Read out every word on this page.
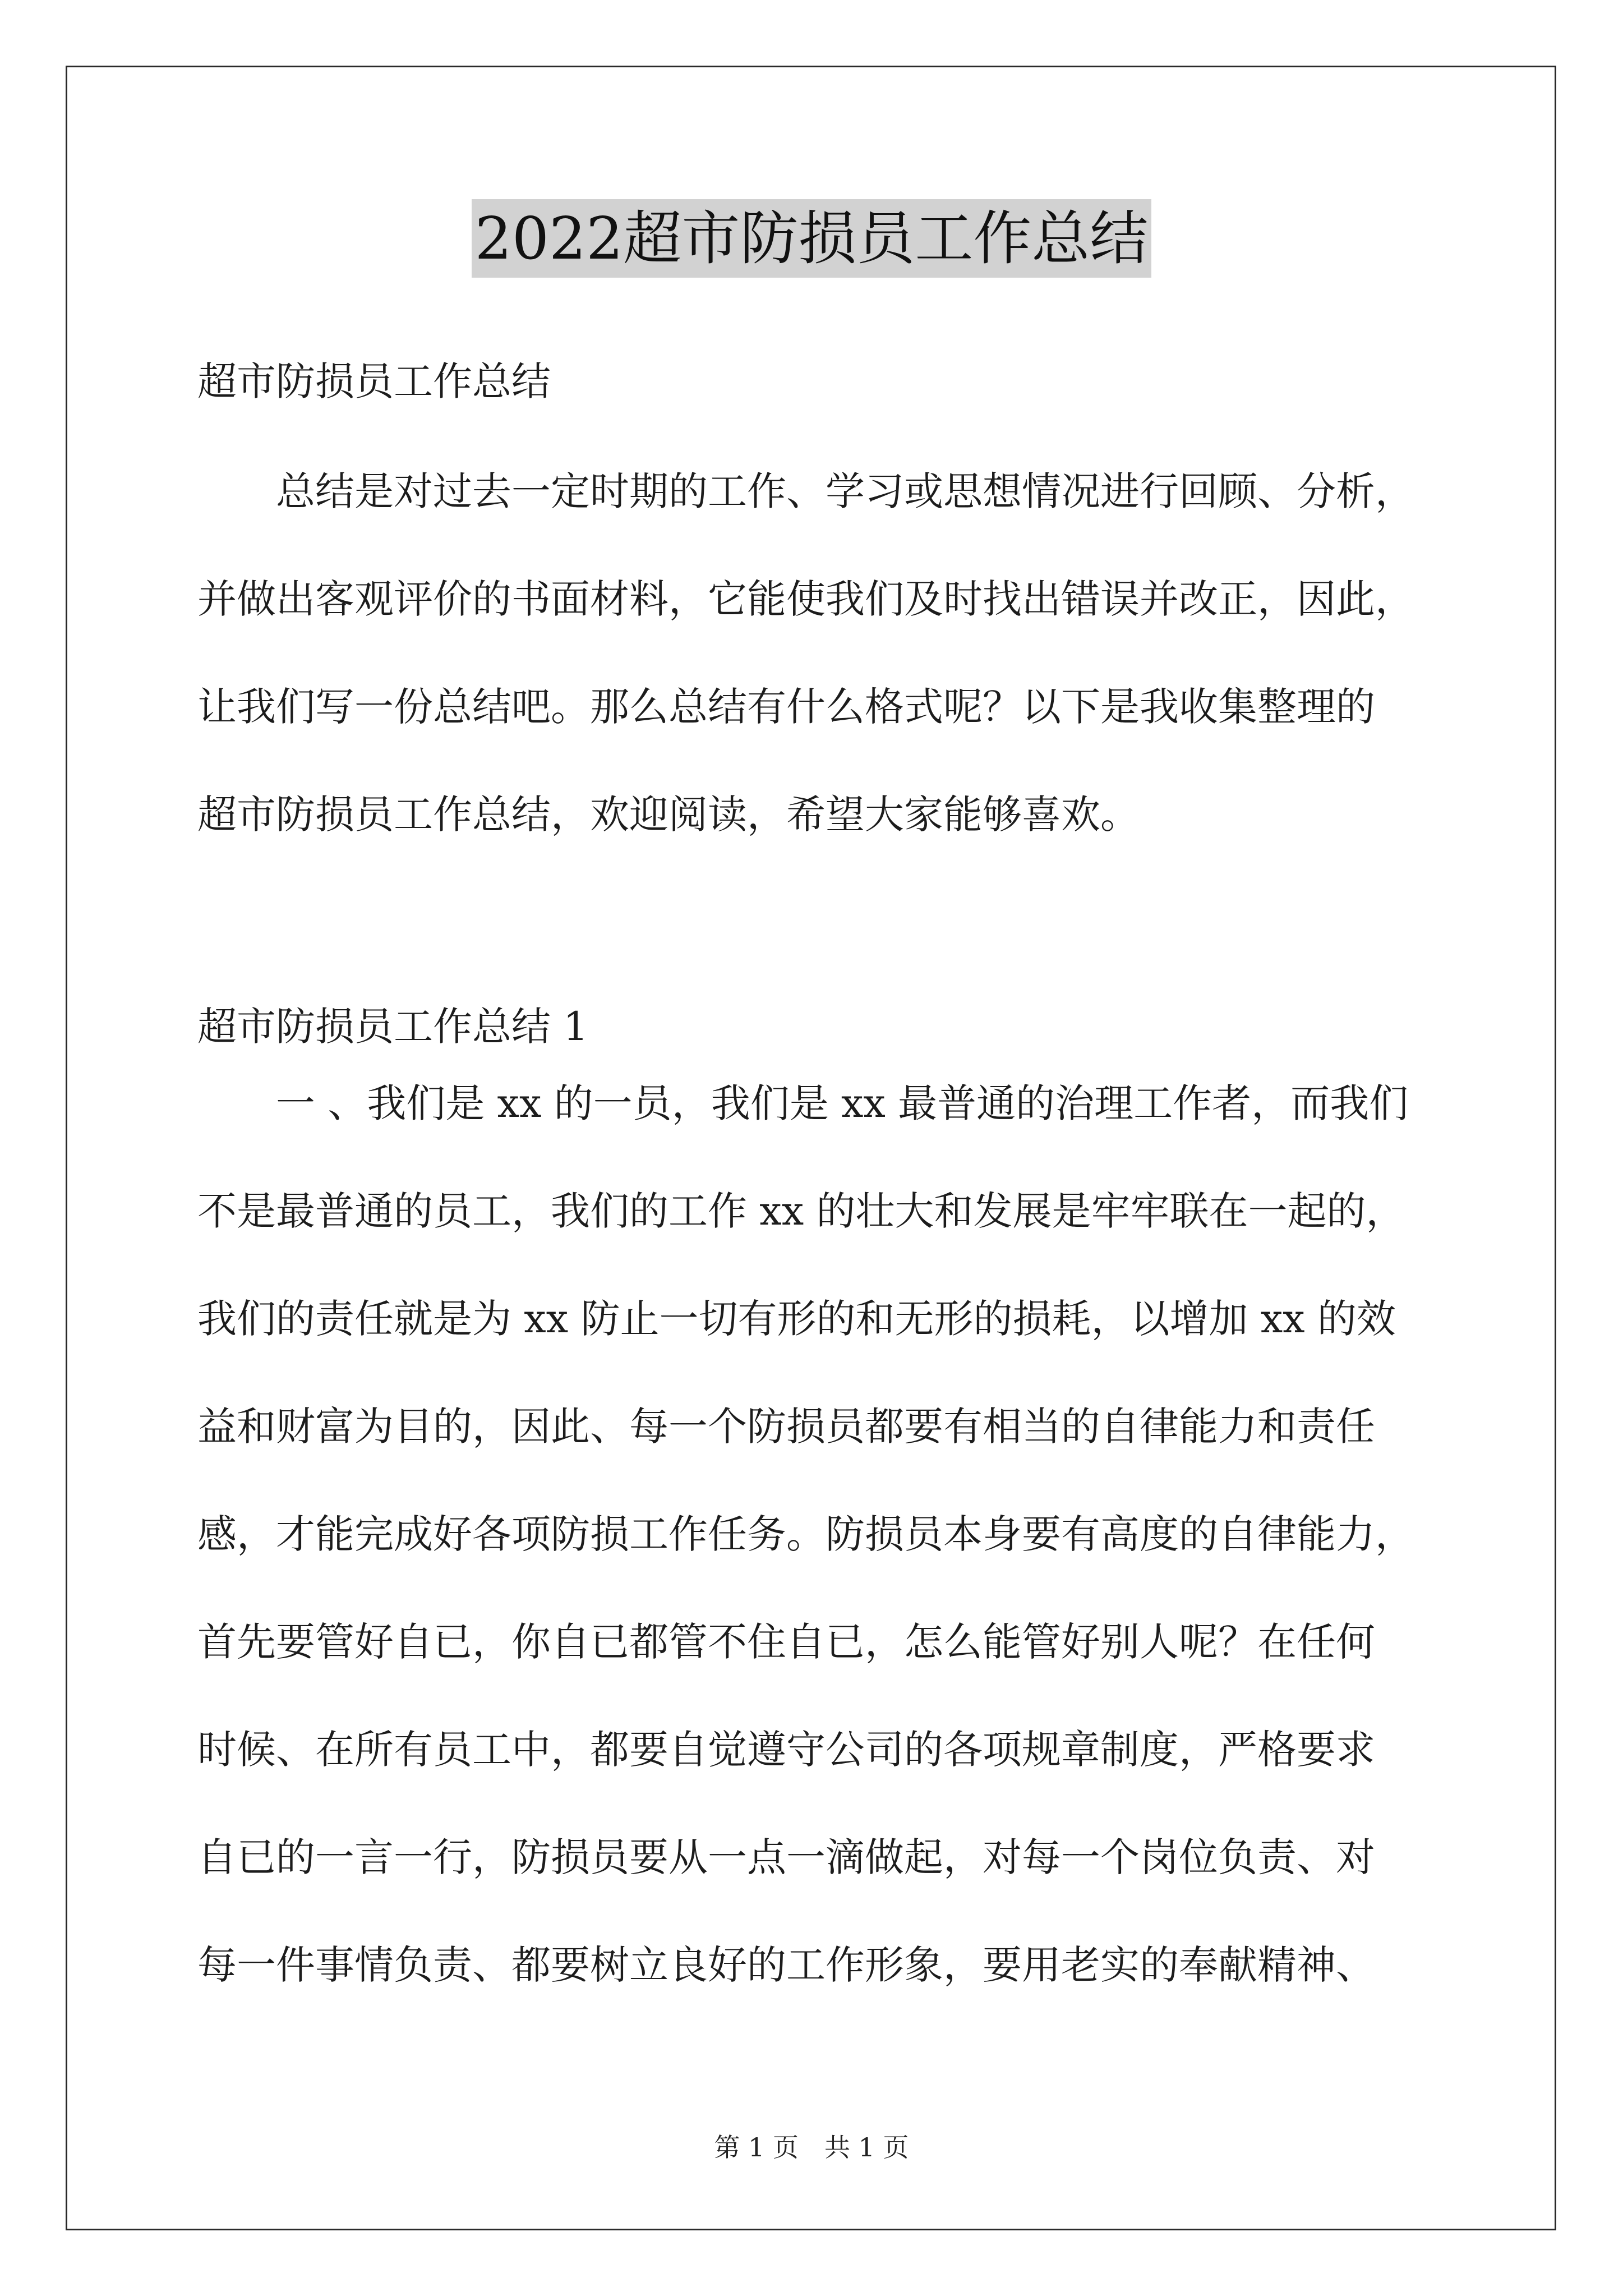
2022超市防损员工作总结
超市防损员工作总结
总结是对过去一定时期的工作、学习或思想情况进行回顾、分析，
并做出客观评价的书面材料，它能使我们及时找出错误并改正，因此，
让我们写一份总结吧。那么总结有什么格式呢？以下是我收集整理的
超市防损员工作总结，欢迎阅读，希望大家能够喜欢。
超市防损员工作总结 1
一 、我们是 xx 的一员，我们是 xx 最普通的治理工作者，而我们
不是最普通的员工，我们的工作 xx 的壮大和发展是牢牢联在一起的，
我们的责任就是为 xx 防止一切有形的和无形的损耗，以增加 xx 的效
益和财富为目的，因此、每一个防损员都要有相当的自律能力和责任
感，才能完成好各项防损工作任务。防损员本身要有高度的自律能力，
首先要管好自已，你自已都管不住自已，怎么能管好别人呢？在任何
时候、在所有员工中，都要自觉遵守公司的各项规章制度，严格要求
自已的一言一行，防损员要从一点一滴做起，对每一个岗位负责、对
每一件事情负责、都要树立良好的工作形象，要用老实的奉献精神、
第 1 页　共 1 页
